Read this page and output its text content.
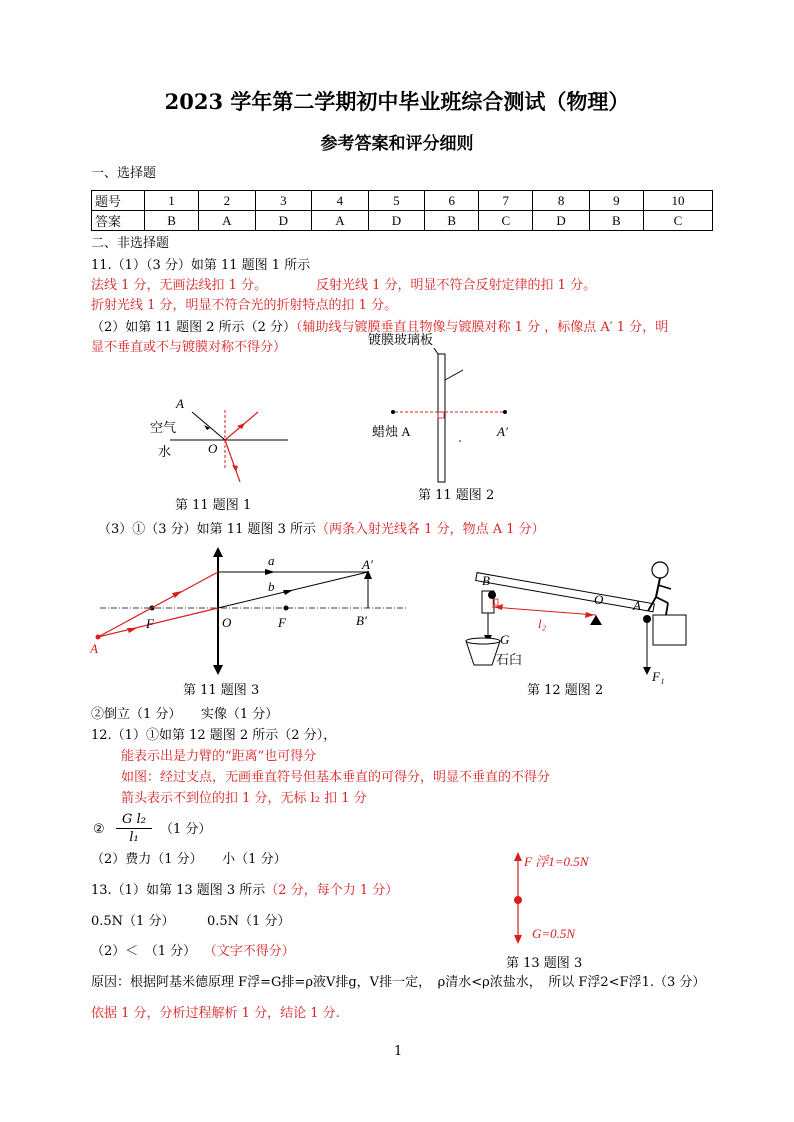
2023 学年第二学期初中毕业班综合测试（物理）
参考答案和评分细则
一、选择题
题号	1	2	3	4	5	6	7	8	9	10
答案	B	A	D	A	D	B	C	D	B	C
二、非选择题
11.（1）（3 分）如第 11 题图 1 所示
法线 1 分，无画法线扣 1 分。	反射光线 1 分，明显不符合反射定律的扣 1 分。
折射光线 1 分，明显不符合光的折射特点的扣 1 分。
（2）如第 11 题图 2 所示（2 分）（辅助线与镀膜垂直且物像与镀膜对称 1 分 ，标像点 A′ 1 分，明
显不垂直或不与镀膜对称不得分）
A
空气
水	O
第 11 题图 1
镀膜玻璃板
蜡烛 A	A′
第 11 题图 2
（3）①（3 分）如第 11 题图 3 所示（两条入射光线各 1 分，物点 A 1 分）
a
b
A′
F	O	F	B′
A
第 11 题图 3
B
O A
l₂
G
石臼
F₁
第 12 题图 2
②倒立（1 分）　　实像（1 分）
12.（1）①如第 12 题图 2 所示（2 分），
能表示出是力臂的“距离”也可得分
如图：经过支点，无画垂直符号但基本垂直的可得分，明显不垂直的不得分
箭头表示不到位的扣 1 分，无标 l₂ 扣 1 分
② $\frac{\text{G l₂}}{\text{l₁}} (1$ 分）
（2）费力（1 分）　　小（1 分）	F 浮1=0.5N
G=0.5N
第 13 题图 3
13.（1）如第 13 题图 3 所示（2 分，每个力 1 分）
0.5N（1 分）　　　0.5N（1 分）
（2）＜　（1 分） （文字不得分）
原因：根据阿基米德原理 F浮=G排=ρ液V排g，V排一定，　ρ清水<ρ浓盐水，　所以 F浮2<F浮1.（3 分）
依据 1 分，分析过程解析 1 分，结论 1 分.
1
